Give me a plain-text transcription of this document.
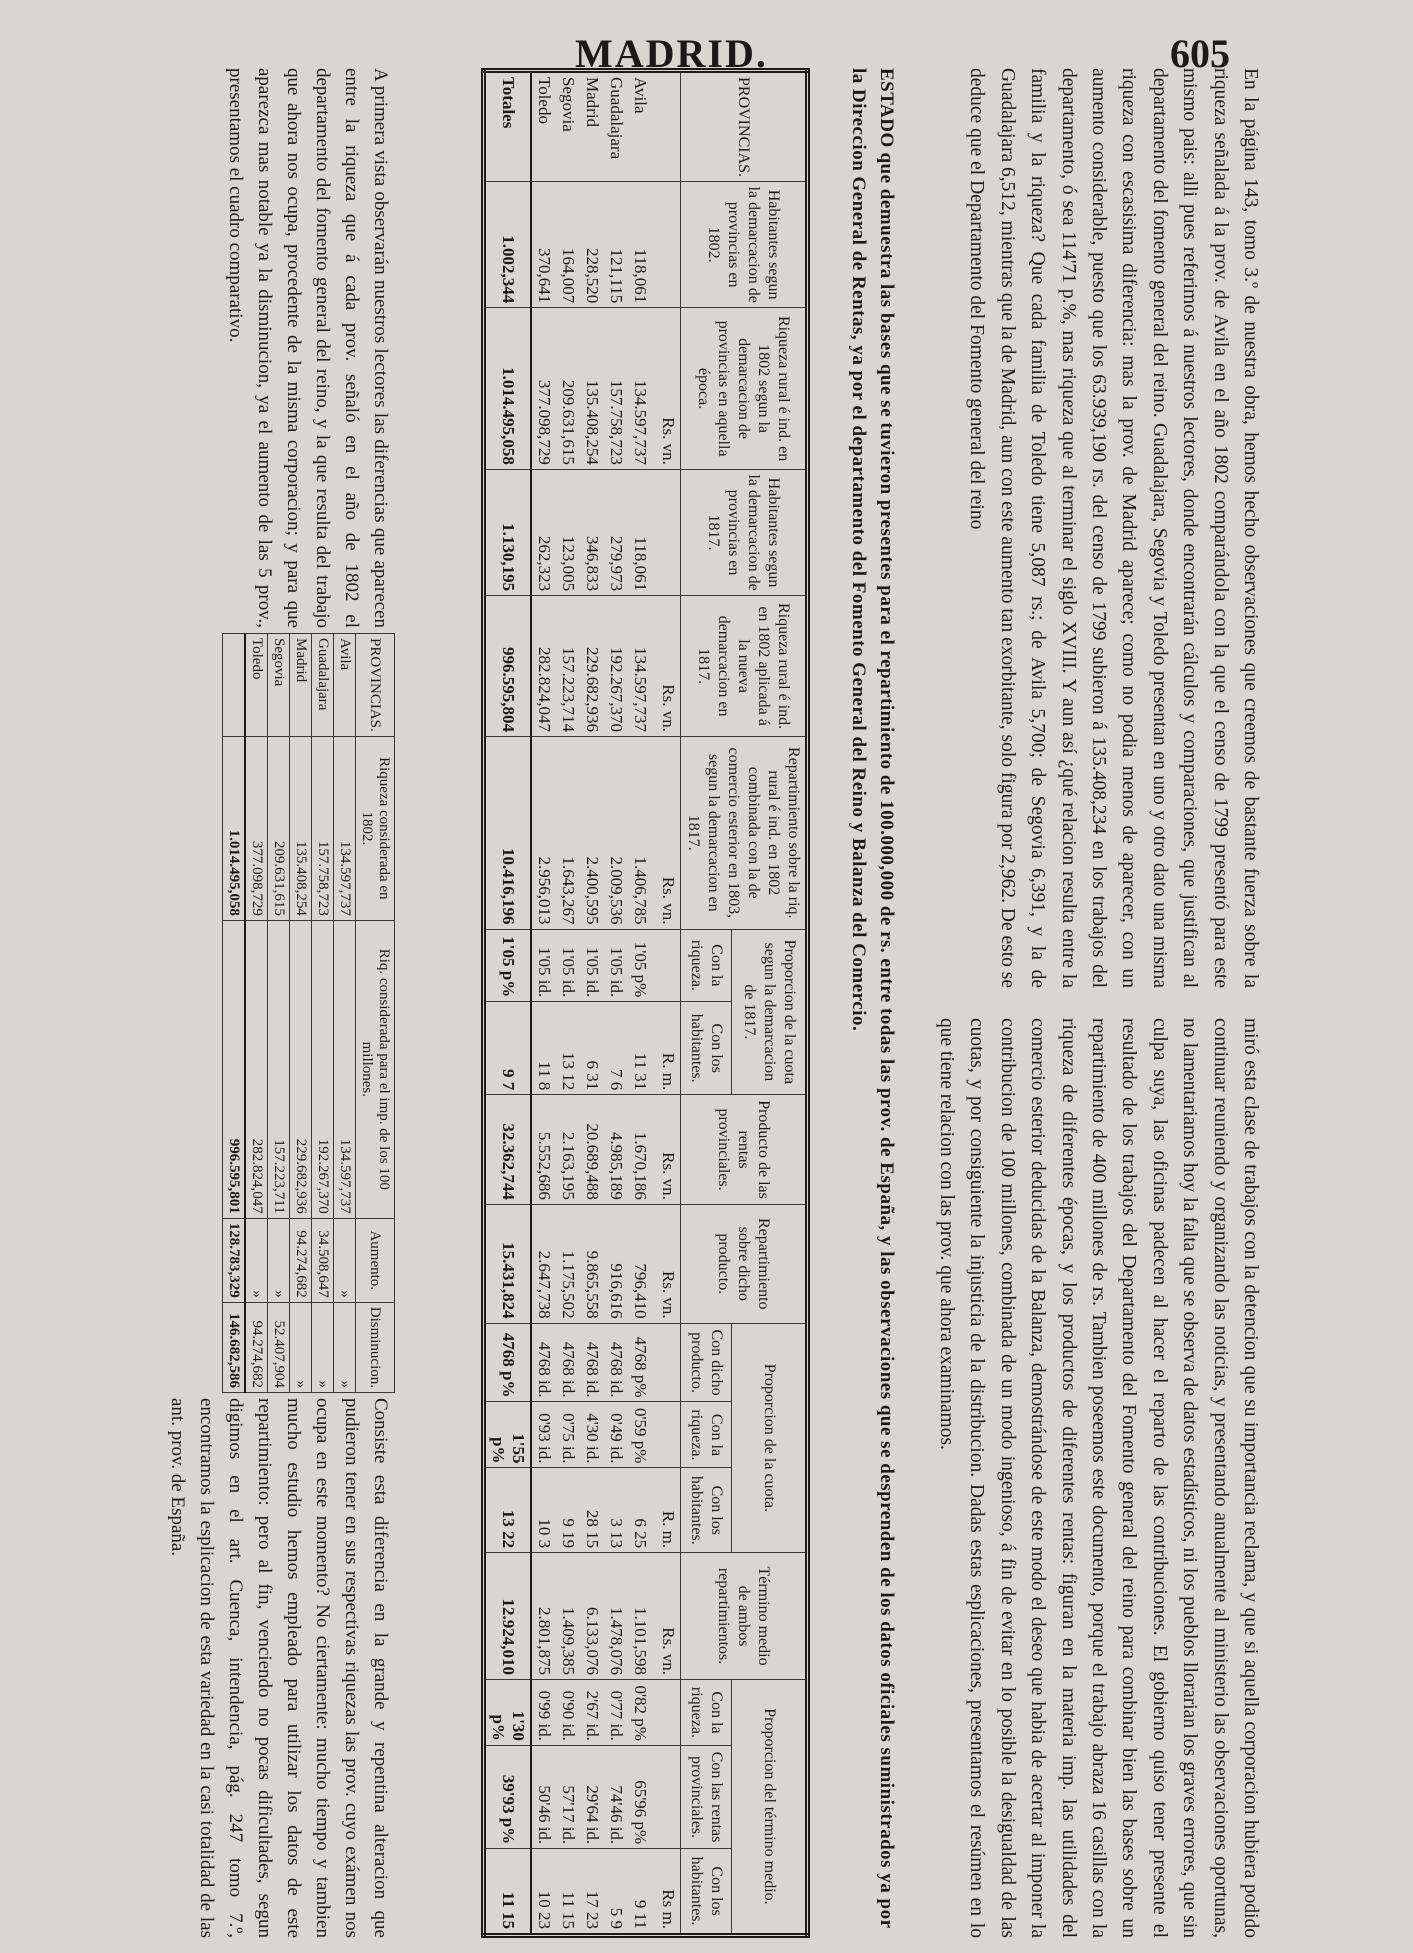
MADRID.	605
En la página 143, tomo 3.º de nuestra obra, hemos hecho observaciones que creemos de bastante fuerza sobre la riqueza señalada á la prov. de Avila en el año 1802 comparándola con la que el censo de 1799 presentó para este mismo pais: alli pues referimos á nuestros lectores, donde encontrarán cálculos y comparaciones, que justifican al departamento del fomento general del reino. Guadalajara, Segovia y Toledo presentan en uno y otro dato una misma riqueza con escasisima diferencia: mas la prov. de Madrid aparece; como no podia menos de aparecer, con un aumento considerable, puesto que los 63.939,190 rs. del censo de 1799 subieron á 135.408,234 en los trabajos del departamento, ó sea 114'71 p.%, mas riqueza que al terminar el siglo XVIII. Y aun así ¿qué relacion resulta entre la familia y la riqueza? Que cada familia de Toledo tiene 5,087 rs.; de Avila 5,700; de Segovia 6,391, y la de Guadalajara 6,512, mientras que la de Madrid, aun con este aumento tan exorbitante, solo figura por 2,962. De esto se deduce que el Departamento del Fomento general del reino
miró esta clase de trabajos con la detencion que su importancia reclama, y que si aquella corporacion hubiera podido continuar reuniendo y organizando las noticias, y presentando anualmente al ministerio las observaciones oportunas, no lamentariamos hoy la falta que se observa de datos estadísticos, ni los pueblos llorarian los graves errores, que sin culpa suya, las oficinas padecen al hacer el reparto de las contribuciones. El gobierno quiso tener presente el resultado de los trabajos del Departamento del Fomento general del reino para combinar bien las bases sobre un repartimiento de 400 millones de rs. Tambien poseemos este documento, porque el trabajo abraza 16 casillas con la riqueza de diferentes épocas, y los productos de diferentes rentas: figuran en la materia imp. las utilidades del comercio esterior deducidas de la Balanza, demostrándose de este modo el deseo que habia de acertar al imponer la contribucion de 100 millones, combinada de un modo ingenioso, á fin de evitar en lo posible la desigualdad de las cuotas, y por consiguiente la injusticia de la distribucion. Dadas estas esplicaciones, presentamos el resúmen en lo que tiene relacion con las prov. que ahora examinamos.
ESTADO que demuestra las bases que se tuvieron presentes para el repartimiento de 100.000,000 de rs. entre todas las prov. de España, y las observaciones que se desprenden de los datos oficiales suministrados ya por la Direccion General de Rentas, ya por el departamento del Fomento General del Reino y Balanza del Comercio.
PROVINCIAS.	Habitantes segun la demarcacion de provincias en 1802.	Riqueza rural é ind. en 1802 segun la demarcacion de provincias en aquella época.	Habitantes segun la demarcacion de provincias en 1817.	Riqueza rural é ind. en 1802 aplicada á la nueva demarcacion en 1817.	Repartimiento sobre la riq. rural é ind. en 1802 combinada con la de comercio esterior en 1803, segun la demarcacion en 1817.	Proporcion de la cuota segun la demarcacion de 1817.		Producto de las rentas provinciales.	Repartimiento sobre dicho producto.	Proporcion de la cuota.			Término medio de ambos repartimientos.	Proporcion del término medio.		
						Con la riqueza.	Con los habitantes.			Con dicho producto.	Con la riqueza.	Con los habitantes.		Con la riqueza.	Con las rentas provinciales.	Con los habitantes.
		Rs. vn.		Rs. vn.	Rs. vn.		R. m.	Rs. vn.	Rs. vn.			R. m.	Rs. vn.			Rs m.
Avila	118,061	134.597,737	118,061	134.597,737	1.406,785	1'05 p%	11 31	1.670,186	796,410	4768 p%	0'59 p%	6 25	1.101,598	0'82 p%	65'96 p%	9 11
Guadalajara	121,115	157.758,723	279,973	192.267,370	2.009,536	1'05 id.	7 6	4.985,189	916,616	4768 id.	0'49 id.	3 13	1.478,076	0'77 id.	74'46 id.	5 9
Madrid	228,520	135.408,254	346,833	229.682,936	2.400,595	1'05 id.	6 31	20.689,488	9.865,558	4768 id.	4'30 id.	28 15	6.133,076	2'67 id.	29'64 id.	17 23
Segovia	164,007	209.631,615	123,005	157.223,714	1.643,267	1'05 id.	13 12	2.163,195	1.175,502	4768 id.	0'75 id.	9 19	1.409,385	0'90 id.	57'17 id.	11 15
Toledo	370,641	377.098,729	262,323	282.824,047	2.956,013	1'05 id.	11 8	5.552,686	2.647,738	4768 id.	0'93 id.	10 3	2.801,875	0'99 id.	50'46 id.	10 23
Totales	1.002,344	1.014.495,058	1.130,195	996.595,804	10.416,196	1'05 p%	9 7	32.362,744	15.431,824	4768 p%	1'55 p%	13 22	12.924,010	1'30 p%	39'93 p%	11 15
A primera vista observarán nuestros lectores las diferencias que aparecen entre la riqueza que á cada prov. señaló en el año de 1802 el departamento del fomento general del reino, y la que resulta del trabajo que ahora nos ocupa, procedente de la misma corporacion; y para que aparezca mas notable ya la disminucion, ya el aumento de las 5 prov., presentamos el cuadro comparativo.
PROVINCIAS.	Riqueza considerada en 1802.	Riq. considerada para el imp. de los 100 millones.	Aumento.	Disminucion.
Avila	134.597,737	134.597,737	»	»
Guadalajara	157.758,723	192.267,370	34.508,647	»
Madrid	135.408,254	229.682,936	94.274,682	»
Segovia	209.631,615	157.223,711	»	52.407,904
Toledo	377.098,729	282.824,047	»	94.274,682
	1.014.495,058	996.595,801	128.783,329	146.682,586
Consiste esta diferencia en la grande y repentina alteracion que pudieron tener en sus respectivas riquezas las prov. cuyo exámen nos ocupa en este momento? No ciertamente: mucho tiempo y tambien mucho estudio hemos empleado para utilizar los datos de este repartimiento: pero al fin, venciendo no pocas dificultades, segun digimos en el art. Cuenca, intendencia, pág. 247 tomo 7.º, encontramos la esplicacion de esta variedad en la casi totalidad de las ant. prov. de España.
